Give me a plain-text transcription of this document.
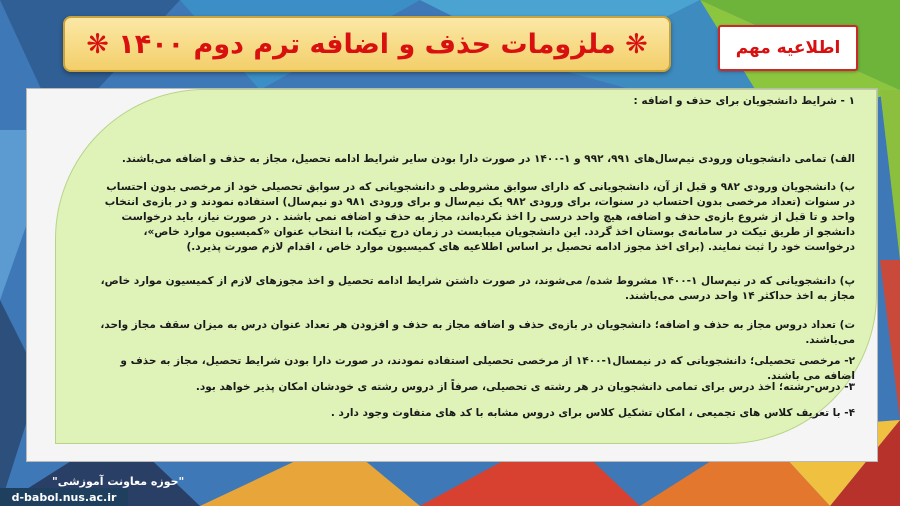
❋ ملزومات حذف و اضافه ترم دوم ۱۴۰۰ ❋	اطلاعیه مهم

۱ - شرایط دانشجویان برای حذف و اضافه :

الف) تمامی دانشجویان ورودی نیم‌سال‌های ۹۹۱، ۹۹۲ و ۱-۱۴۰۰ در صورت دارا بودن سایر شرایط ادامه تحصیل، مجاز به حذف و اضافه می‌باشند.

ب) دانشجویان ورودی ۹۸۲ و قبل از آن، دانشجویانی که دارای سوابق مشروطی و دانشجویانی که در سوابق تحصیلی خود از مرخصی بدون احتساب در سنوات (تعداد مرخصی بدون احتساب در سنوات، برای ورودی ۹۸۲ یک نیم‌سال و برای ورودی ۹۸۱ دو نیم‌سال) استفاده نمودند و در بازه‌ی انتخاب واحد و تا قبل از شروع بازه‌ی حذف و اضافه، هیچ واحد درسی را اخذ نکرده‌اند، مجاز به حذف و اضافه نمی باشند . در صورت نیاز، باید درخواست دانشجو از طریق تیکت در سامانه‌ی بوستان اخذ گردد. این دانشجویان میبایست در زمان درج تیکت، با انتخاب عنوان «کمیسیون موارد خاص»، درخواست خود را ثبت نمایند. (برای اخذ مجوز ادامه تحصیل بر اساس اطلاعیه های کمیسیون موارد خاص ، اقدام لازم صورت پذیرد.)

پ) دانشجویانی که در نیم‌سال ۱-۱۴۰۰ مشروط شده/ می‌شوند، در صورت داشتن شرایط ادامه تحصیل و اخذ مجوزهای لازم از کمیسیون موارد خاص، مجاز به اخذ حداکثر ۱۴ واحد درسی می‌باشند.

ت) تعداد دروس مجاز به حذف و اضافه؛ دانشجویان در بازه‌ی حذف و اضافه مجاز به حذف و افزودن هر تعداد عنوان درس به میزان سقف مجاز واحد، می‌باشند.

۲- مرخصی تحصیلی؛ دانشجویانی که در نیمسال۱-۱۴۰۰ از مرخصی تحصیلی استفاده نمودند، در صورت دارا بودن شرایط تحصیل، مجاز به حذف و اضافه می باشند.

۳- درس-رشته؛ اخذ درس برای تمامی دانشجویان در هر رشته ی تحصیلی، صرفاً از دروس رشته ی خودشان امکان پذیر خواهد بود.

۴- با تعریف کلاس های تجمیعی ، امکان تشکیل کلاس برای دروس مشابه با کد های متفاوت وجود دارد .

"حوزه معاونت آموزشی"
d-babol.nus.ac.ir
